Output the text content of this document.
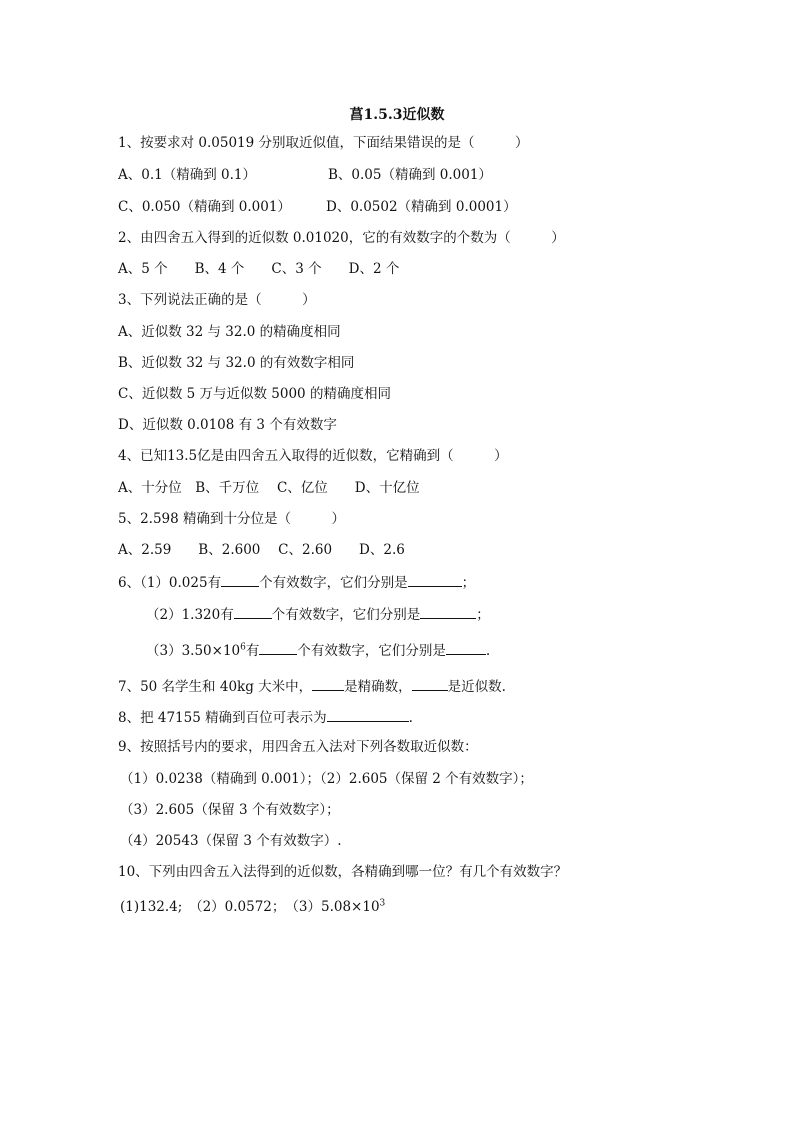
菖1.5.3近似数
1、按要求对 0.05019 分别取近似值，下面结果错误的是（　　　）
A、0.1（精确到 0.1）	B、0.05（精确到 0.001）
C、0.050（精确到 0.001）	D、0.0502（精确到 0.0001）
2、由四舍五入得到的近似数 0.01020，它的有效数字的个数为（　　　）
A、5 个　　B、4 个　　C、3 个　　D、2 个
3、下列说法正确的是（　　　）
A、近似数 32 与 32.0 的精确度相同
B、近似数 32 与 32.0 的有效数字相同
C、近似数 5 万与近似数 5000 的精确度相同
D、近似数 0.0108 有 3 个有效数字
4、已知13.5亿是由四舍五入取得的近似数，它精确到（　　　）
A、十分位　B、千万位　 C、亿位　　D、十亿位
5、2.598 精确到十分位是（　　　）
A、2.59　　B、2.600　 C、2.60　　D、2.6
6、（1）0.025有	个有效数字，它们分别是	；
（2）1.320有	个有效数字，它们分别是	；
$(3)3.50\times 10^6$有	个有效数字，它们分别是	.
7、50 名学生和 40kg 大米中， 是精确数，	是近似数.
8、把 47155 精确到百位可表示为	.
9、按照括号内的要求，用四舍五入法对下列各数取近似数：
（1）0.0238（精确到 0.001）；（2）2.605（保留 2 个有效数字）；
（3）2.605（保留 3 个有效数字）；
（4）20543（保留 3 个有效数字）.
10、下列由四舍五入法得到的近似数，各精确到哪一位？有几个有效数字？
(1)132.4;　（2）0.0572；　$(3)5.08\times 10^3$
